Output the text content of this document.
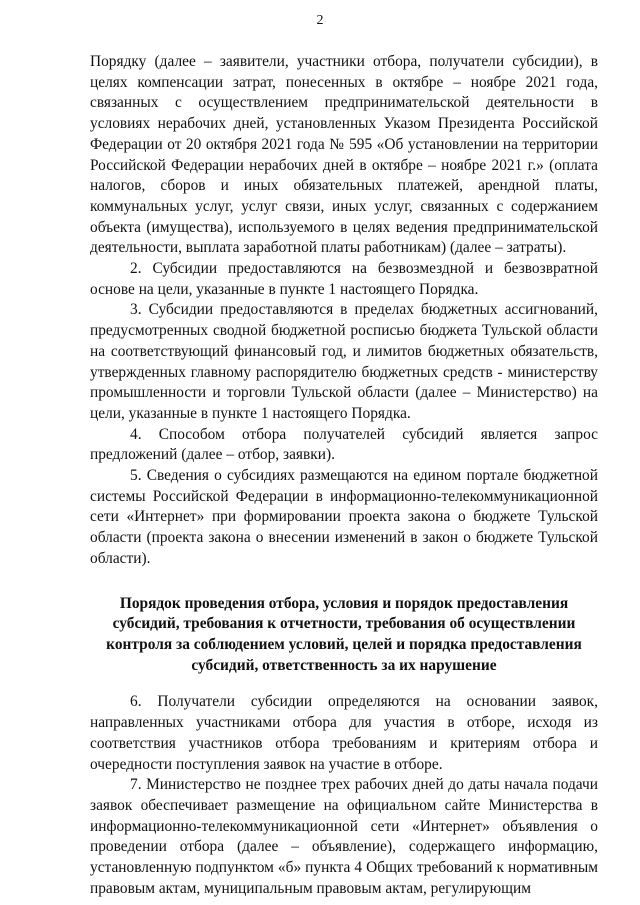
2

Порядку (далее – заявители, участники отбора, получатели субсидии), в целях компенсации затрат, понесенных в октябре – ноябре 2021 года, связанных с осуществлением предпринимательской деятельности в условиях нерабочих дней, установленных Указом Президента Российской Федерации от 20 октября 2021 года № 595 «Об установлении на территории Российской Федерации нерабочих дней в октябре – ноябре 2021 г.» (оплата налогов, сборов и иных обязательных платежей, арендной платы, коммунальных услуг, услуг связи, иных услуг, связанных с содержанием объекта (имущества), используемого в целях ведения предпринимательской деятельности, выплата заработной платы работникам) (далее – затраты).

2. Субсидии предоставляются на безвозмездной и безвозвратной основе на цели, указанные в пункте 1 настоящего Порядка.

3. Субсидии предоставляются в пределах бюджетных ассигнований, предусмотренных сводной бюджетной росписью бюджета Тульской области на соответствующий финансовый год, и лимитов бюджетных обязательств, утвержденных главному распорядителю бюджетных средств - министерству промышленности и торговли Тульской области (далее – Министерство) на цели, указанные в пункте 1 настоящего Порядка.

4. Способом отбора получателей субсидий является запрос предложений (далее – отбор, заявки).

5. Сведения о субсидиях размещаются на едином портале бюджетной системы Российской Федерации в информационно-телекоммуникационной сети «Интернет» при формировании проекта закона о бюджете Тульской области (проекта закона о внесении изменений в закон о бюджете Тульской области).

Порядок проведения отбора, условия и порядок предоставления субсидий, требования к отчетности, требования об осуществлении контроля за соблюдением условий, целей и порядка предоставления субсидий, ответственность за их нарушение

6. Получатели субсидии определяются на основании заявок, направленных участниками отбора для участия в отборе, исходя из соответствия участников отбора требованиям и критериям отбора и очередности поступления заявок на участие в отборе.

7. Министерство не позднее трех рабочих дней до даты начала подачи заявок обеспечивает размещение на официальном сайте Министерства в информационно-телекоммуникационной сети «Интернет» объявления о проведении отбора (далее – объявление), содержащего информацию, установленную подпунктом «б» пункта 4 Общих требований к нормативным правовым актам, муниципальным правовым актам, регулирующим
